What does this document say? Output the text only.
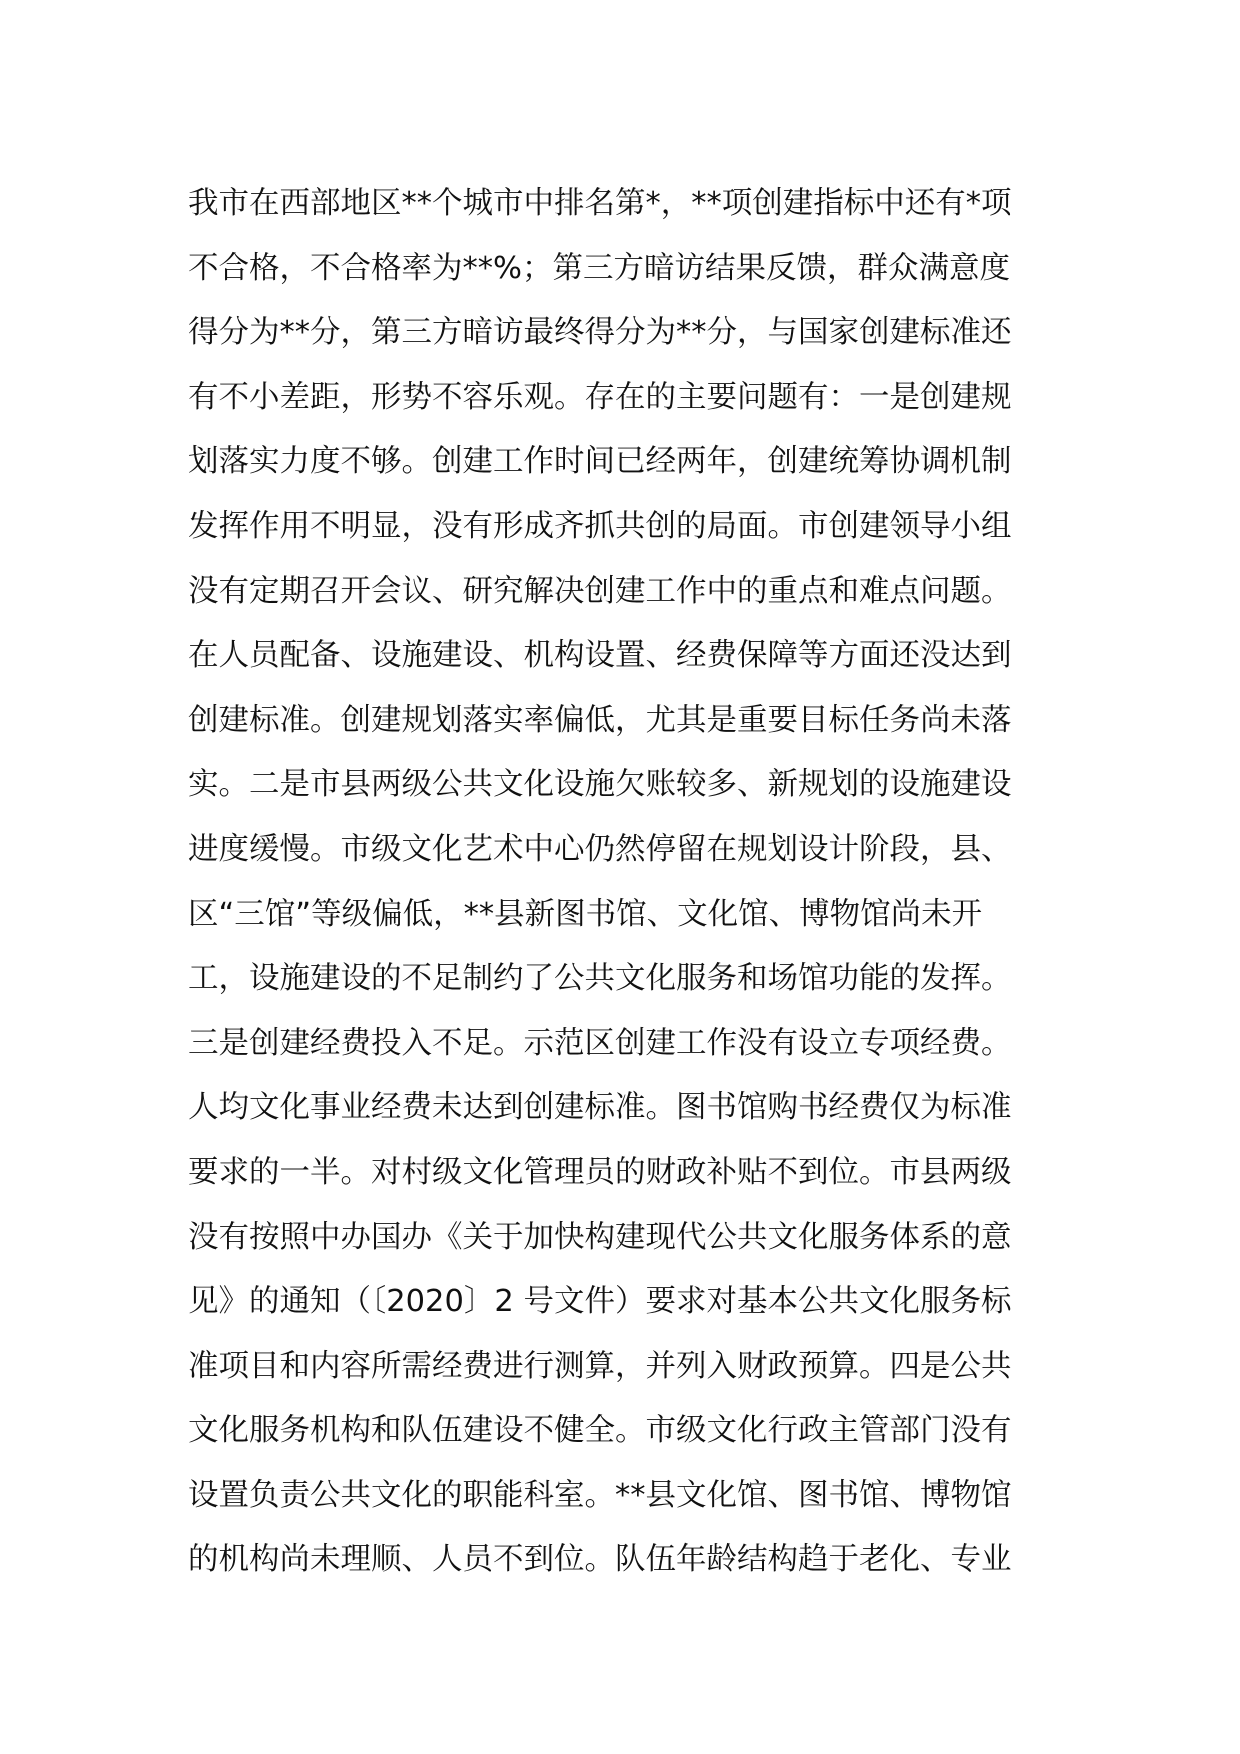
我市在西部地区**个城市中排名第*，**项创建指标中还有*项
不合格，不合格率为**%；第三方暗访结果反馈，群众满意度
得分为**分，第三方暗访最终得分为**分，与国家创建标准还
有不小差距，形势不容乐观。存在的主要问题有：一是创建规
划落实力度不够。创建工作时间已经两年，创建统筹协调机制
发挥作用不明显，没有形成齐抓共创的局面。市创建领导小组
没有定期召开会议、研究解决创建工作中的重点和难点问题。
在人员配备、设施建设、机构设置、经费保障等方面还没达到
创建标准。创建规划落实率偏低，尤其是重要目标任务尚未落
实。二是市县两级公共文化设施欠账较多、新规划的设施建设
进度缓慢。市级文化艺术中心仍然停留在规划设计阶段，县、
区“三馆”等级偏低，**县新图书馆、文化馆、博物馆尚未开
工，设施建设的不足制约了公共文化服务和场馆功能的发挥。
三是创建经费投入不足。示范区创建工作没有设立专项经费。
人均文化事业经费未达到创建标准。图书馆购书经费仅为标准
要求的一半。对村级文化管理员的财政补贴不到位。市县两级
没有按照中办国办《关于加快构建现代公共文化服务体系的意
见》的通知（〔2020〕2 号文件）要求对基本公共文化服务标
准项目和内容所需经费进行测算，并列入财政预算。四是公共
文化服务机构和队伍建设不健全。市级文化行政主管部门没有
设置负责公共文化的职能科室。**县文化馆、图书馆、博物馆
的机构尚未理顺、人员不到位。队伍年龄结构趋于老化、专业
